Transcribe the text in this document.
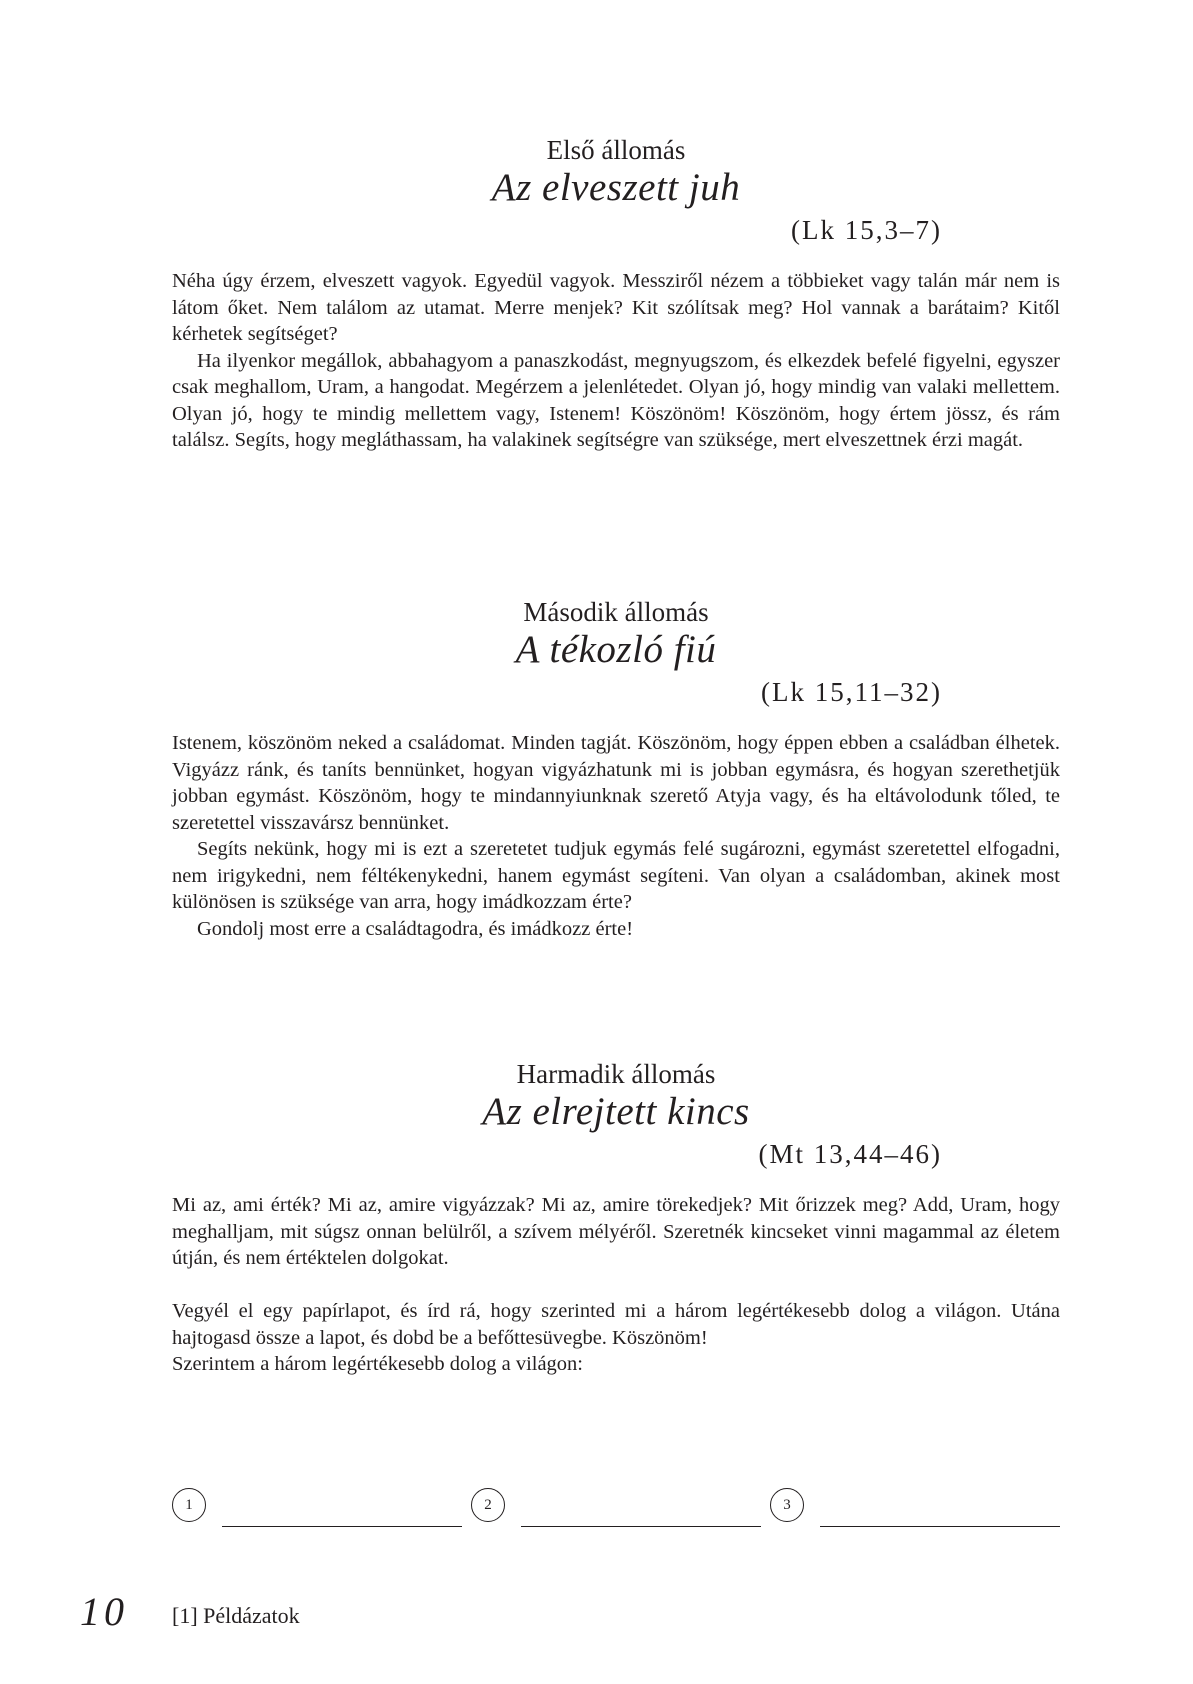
Első állomás
Az elveszett juh
(Lk 15,3–7)

Néha úgy érzem, elveszett vagyok. Egyedül vagyok. Messziről nézem a többieket vagy talán már nem is látom őket. Nem találom az utamat. Merre menjek? Kit szólítsak meg? Hol vannak a barátaim? Kitől kérhetek segítséget?

Ha ilyenkor megállok, abbahagyom a panaszkodást, megnyugszom, és elkezdek befelé figyelni, egyszer csak meghallom, Uram, a hangodat. Megérzem a jelenlétedet. Olyan jó, hogy mindig van valaki mellettem. Olyan jó, hogy te mindig mellettem vagy, Istenem! Köszönöm! Köszönöm, hogy értem jössz, és rám találsz. Segíts, hogy megláthassam, ha valakinek segítségre van szüksége, mert elveszettnek érzi magát.

Második állomás
A tékozló fiú
(Lk 15,11–32)

Istenem, köszönöm neked a családomat. Minden tagját. Köszönöm, hogy éppen ebben a családban élhetek. Vigyázz ránk, és taníts bennünket, hogyan vigyázhatunk mi is jobban egymásra, és hogyan szerethetjük jobban egymást. Köszönöm, hogy te mindannyiunknak szerető Atyja vagy, és ha eltávolodunk tőled, te szeretettel visszavársz bennünket.

Segíts nekünk, hogy mi is ezt a szeretetet tudjuk egymás felé sugározni, egymást szeretettel elfogadni, nem irigykedni, nem féltékenykedni, hanem egymást segíteni. Van olyan a családomban, akinek most különösen is szüksége van arra, hogy imádkozzam érte?

Gondolj most erre a családtagodra, és imádkozz érte!

Harmadik állomás
Az elrejtett kincs
(Mt 13,44–46)

Mi az, ami érték? Mi az, amire vigyázzak? Mi az, amire törekedjek? Mit őrizzek meg? Add, Uram, hogy meghalljam, mit súgsz onnan belülről, a szívem mélyéről. Szeretnék kincseket vinni magammal az életem útján, és nem értéktelen dolgokat.

Vegyél el egy papírlapot, és írd rá, hogy szerinted mi a három legértékesebb dolog a világon. Utána hajtogasd össze a lapot, és dobd be a befőttesüvegbe. Köszönöm!

Szerintem a három legértékesebb dolog a világon:

1	2	3
10 [1] Példázatok
